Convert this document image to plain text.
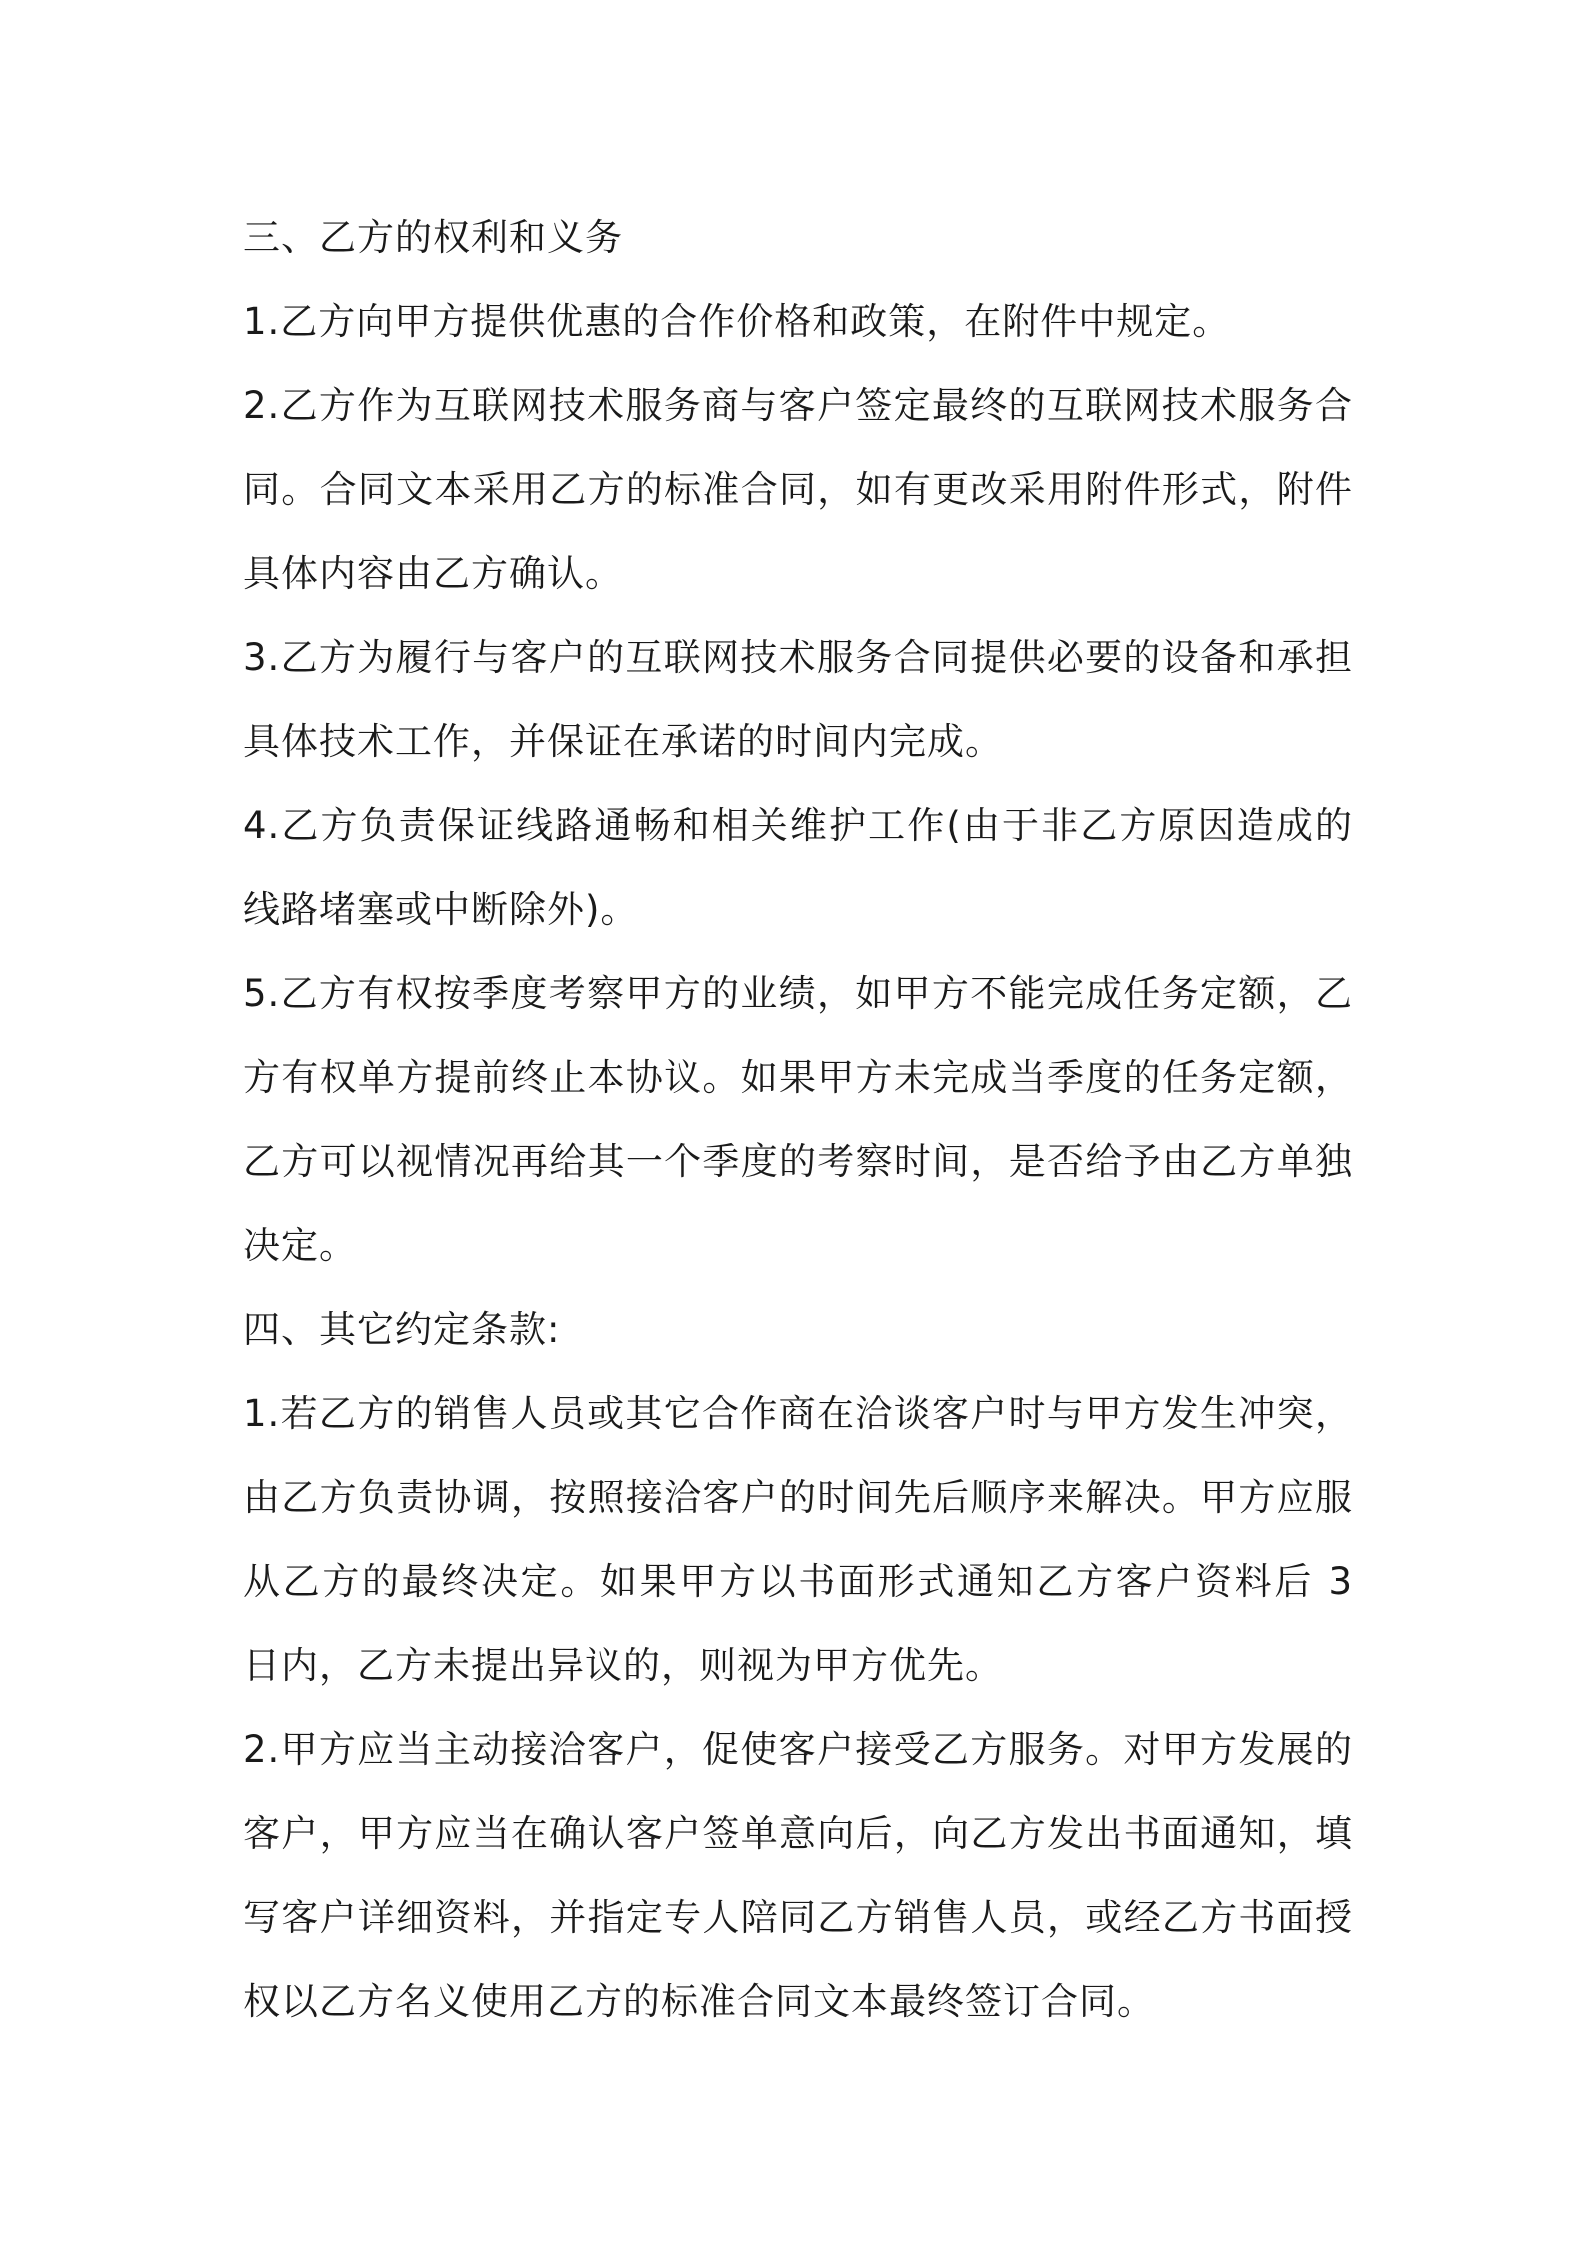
三、乙方的权利和义务

1.乙方向甲方提供优惠的合作价格和政策，在附件中规定。

2.乙方作为互联网技术服务商与客户签定最终的互联网技术服务合同。合同文本采用乙方的标准合同，如有更改采用附件形式，附件具体内容由乙方确认。

3.乙方为履行与客户的互联网技术服务合同提供必要的设备和承担具体技术工作，并保证在承诺的时间内完成。

4.乙方负责保证线路通畅和相关维护工作(由于非乙方原因造成的线路堵塞或中断除外)。

5.乙方有权按季度考察甲方的业绩，如甲方不能完成任务定额，乙方有权单方提前终止本协议。如果甲方未完成当季度的任务定额，乙方可以视情况再给其一个季度的考察时间，是否给予由乙方单独决定。

四、其它约定条款:

1.若乙方的销售人员或其它合作商在洽谈客户时与甲方发生冲突，由乙方负责协调，按照接洽客户的时间先后顺序来解决。甲方应服从乙方的最终决定。如果甲方以书面形式通知乙方客户资料后 3 日内，乙方未提出异议的，则视为甲方优先。

2.甲方应当主动接洽客户，促使客户接受乙方服务。对甲方发展的客户，甲方应当在确认客户签单意向后，向乙方发出书面通知，填写客户详细资料，并指定专人陪同乙方销售人员，或经乙方书面授权以乙方名义使用乙方的标准合同文本最终签订合同。
